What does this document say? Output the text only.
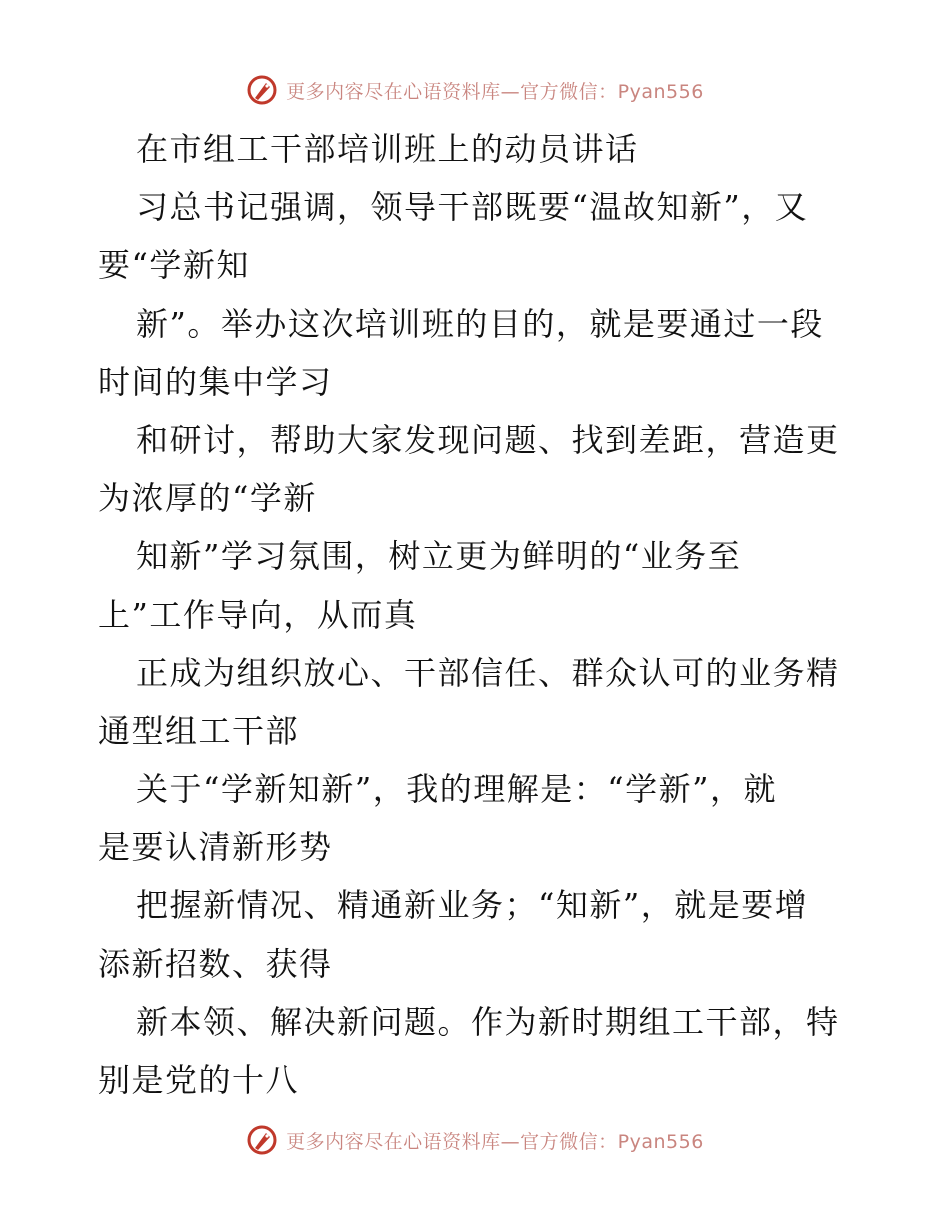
更多内容尽在心语资料库—官方微信：Pyan556
在市组工干部培训班上的动员讲话
习总书记强调，领导干部既要“温故知新”，又
要“学新知
新”。举办这次培训班的目的，就是要通过一段
时间的集中学习
和研讨，帮助大家发现问题、找到差距，营造更
为浓厚的“学新
知新”学习氛围，树立更为鲜明的“业务至
上”工作导向，从而真
正成为组织放心、干部信任、群众认可的业务精
通型组工干部
关于“学新知新”，我的理解是：“学新”，就
是要认清新形势
把握新情况、精通新业务；“知新”，就是要增
添新招数、获得
新本领、解决新问题。作为新时期组工干部，特
别是党的十八
更多内容尽在心语资料库—官方微信：Pyan556
